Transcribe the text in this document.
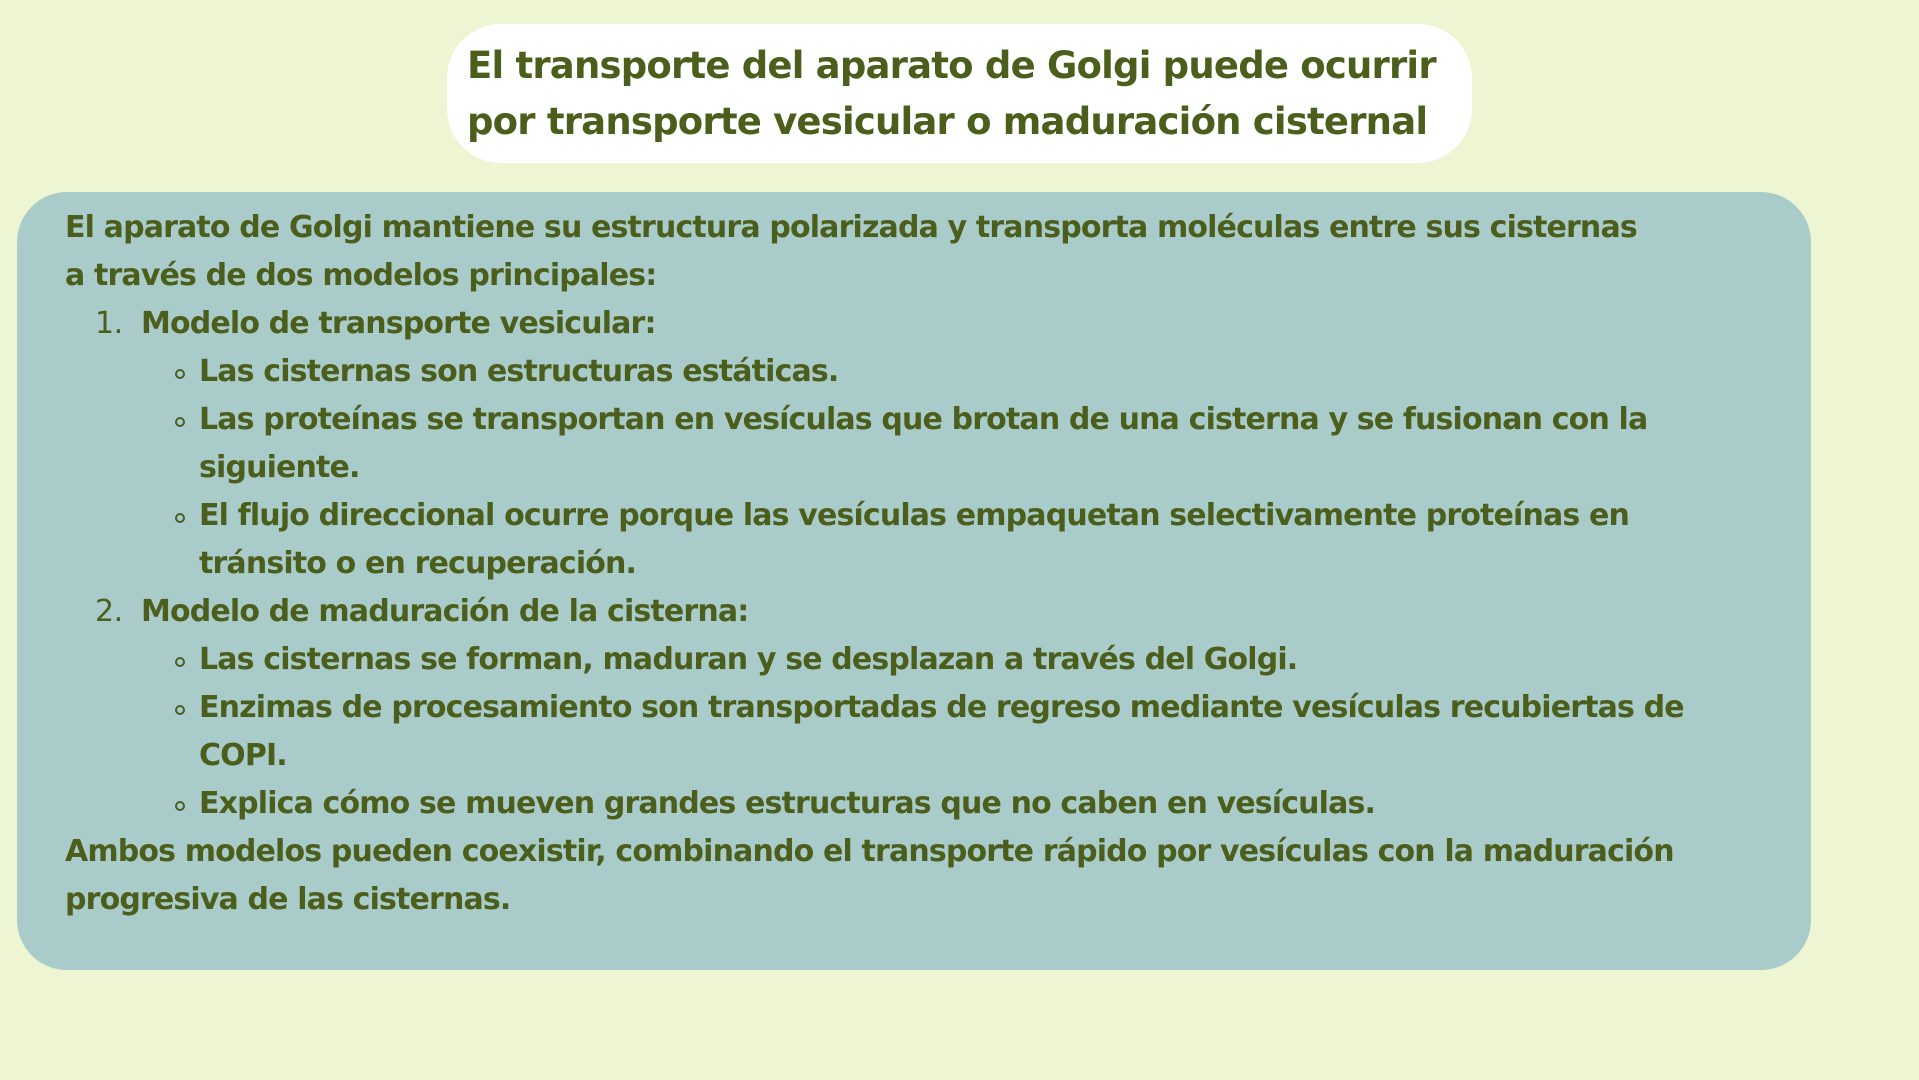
El transporte del aparato de Golgi puede ocurrir
por transporte vesicular o maduración cisternal
El aparato de Golgi mantiene su estructura polarizada y transporta moléculas entre sus cisternas
a través de dos modelos principales:
1. Modelo de transporte vesicular:
Las cisternas son estructuras estáticas.
Las proteínas se transportan en vesículas que brotan de una cisterna y se fusionan con la
siguiente.
El flujo direccional ocurre porque las vesículas empaquetan selectivamente proteínas en
tránsito o en recuperación.
2. Modelo de maduración de la cisterna:
Las cisternas se forman, maduran y se desplazan a través del Golgi.
Enzimas de procesamiento son transportadas de regreso mediante vesículas recubiertas de
COPI.
Explica cómo se mueven grandes estructuras que no caben en vesículas.
Ambos modelos pueden coexistir, combinando el transporte rápido por vesículas con la maduración
progresiva de las cisternas.
